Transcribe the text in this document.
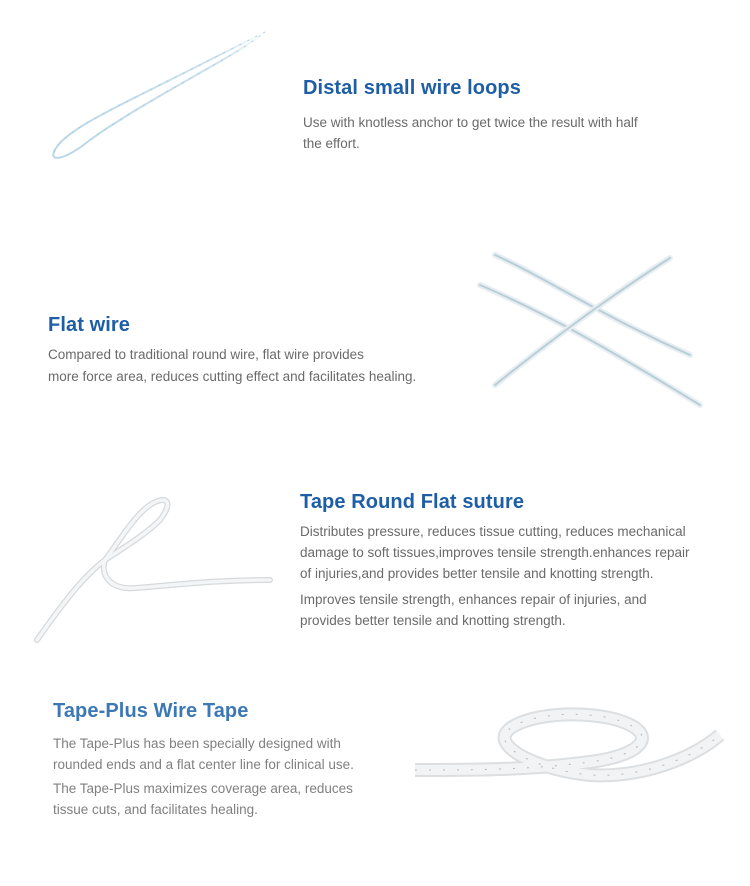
Distal small wire loops

Use with knotless anchor to get twice the result with half

the effort.

Flat wire

Compared to traditional round wire, flat wire provides

more force area, reduces cutting effect and facilitates healing.

Tape Round Flat suture

Distributes pressure, reduces tissue cutting, reduces mechanical

damage to soft tissues,improves tensile strength.enhances repair

of injuries,and provides better tensile and knotting strength.

Improves tensile strength, enhances repair of injuries, and

provides better tensile and knotting strength.

Tape-Plus Wire Tape

The Tape-Plus has been specially designed with

rounded ends and a flat center line for clinical use.

The Tape-Plus maximizes coverage area, reduces

tissue cuts, and facilitates healing.
